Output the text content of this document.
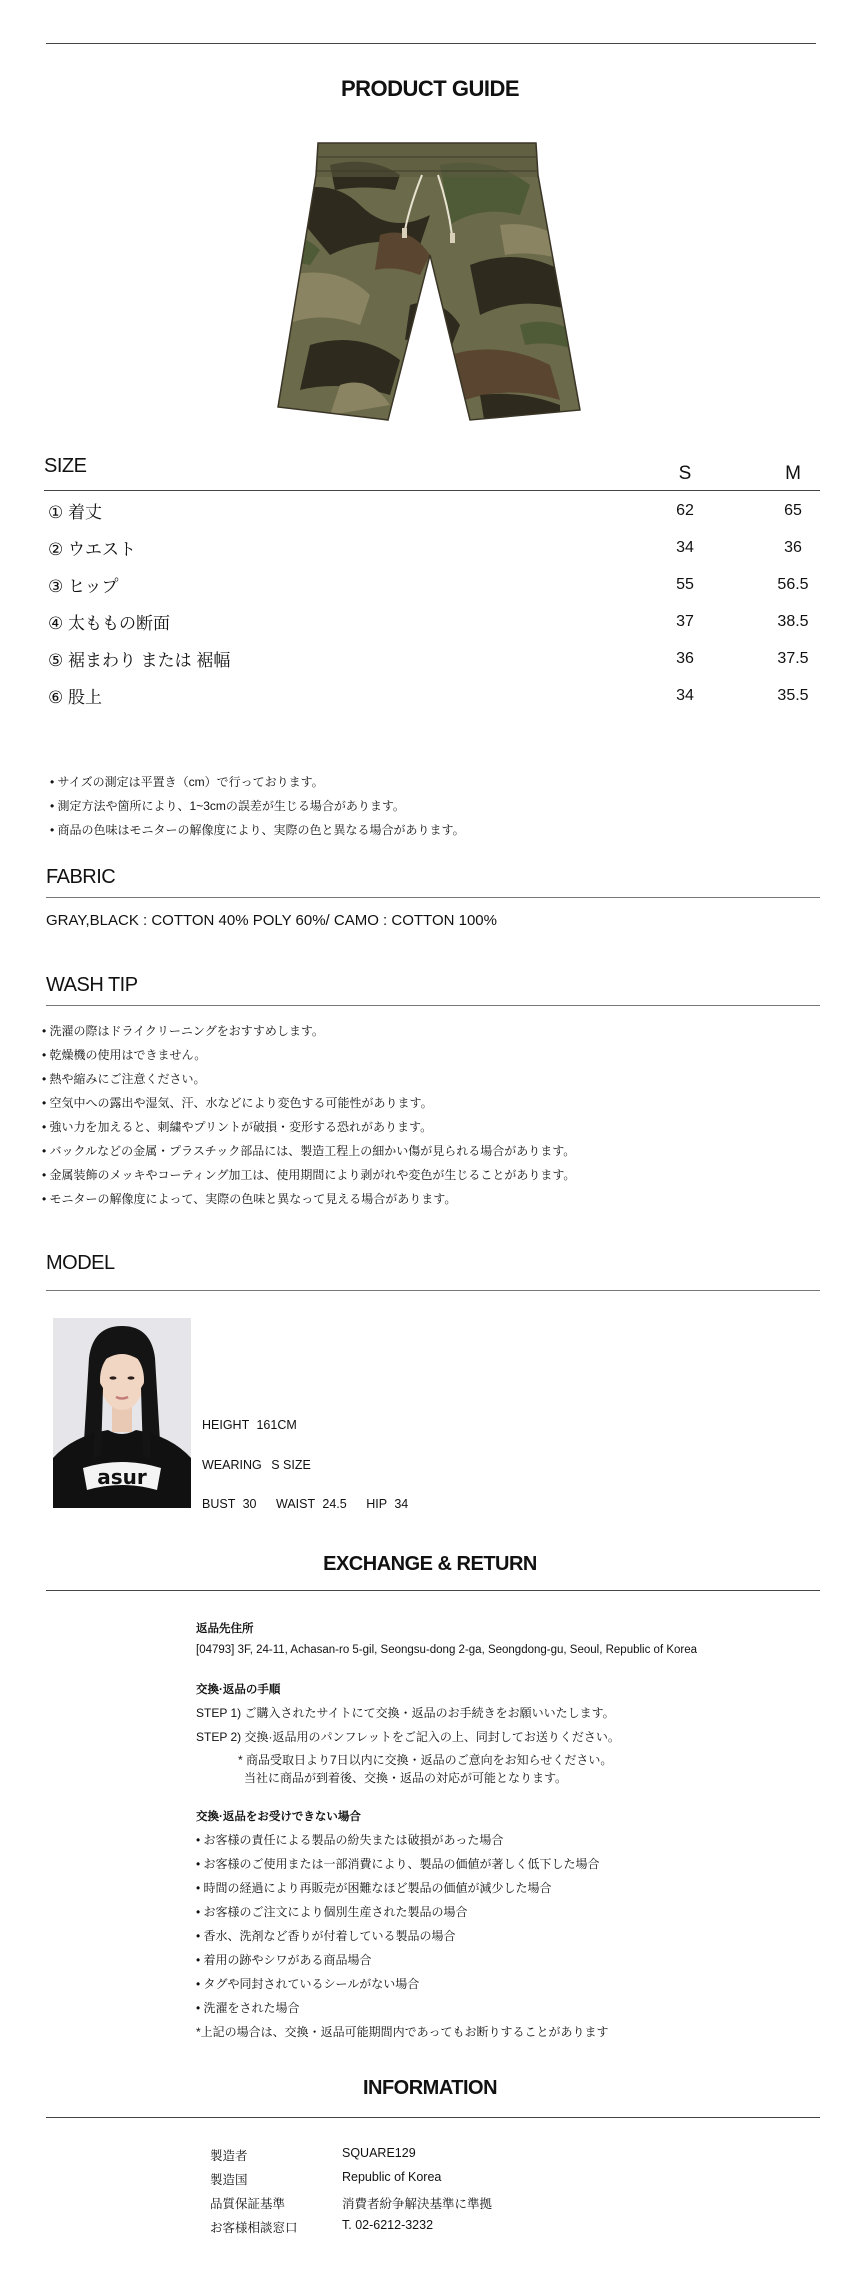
PRODUCT GUIDE
SIZE	S	M
① 着丈	62	65
② ウエスト	34	36
③ ヒップ	55	56.5
④ 太ももの断面	37	38.5
⑤ 裾まわり または 裾幅	36	37.5
⑥ 股上	34	35.5
• サイズの測定は平置き（cm）で行っております。
• 測定方法や箇所により、1~3cmの誤差が生じる場合があります。
• 商品の色味はモニターの解像度により、実際の色と異なる場合があります。
FABRIC
GRAY,BLACK : COTTON 40% POLY 60%/ CAMO : COTTON 100%
WASH TIP
• 洗濯の際はドライクリーニングをおすすめします。
• 乾燥機の使用はできません。
• 熱や縮みにご注意ください。
• 空気中への露出や湿気、汗、水などにより変色する可能性があります。
• 強い力を加えると、刺繍やプリントが破損・変形する恐れがあります。
• バックルなどの金属・プラスチック部品には、製造工程上の細かい傷が見られる場合があります。
• 金属装飾のメッキやコーティング加工は、使用期間により剥がれや変色が生じることがあります。
• モニターの解像度によって、実際の色味と異なって見える場合があります。
MODEL
asur
HEIGHT 161CM
WEARING S SIZE
BUST 30 WAIST 24.5 HIP 34
EXCHANGE & RETURN
返品先住所
[04793] 3F, 24-11, Achasan-ro 5-gil, Seongsu-dong 2-ga, Seongdong-gu, Seoul, Republic of Korea
交換·返品の手順
STEP 1) ご購入されたサイトにて交換・返品のお手続きをお願いいたします。
STEP 2) 交換·返品用のパンフレットをご記入の上、同封してお送りください。
* 商品受取日より7日以内に交換・返品のご意向をお知らせください。
当社に商品が到着後、交換・返品の対応が可能となります。
交換·返品をお受けできない場合
• お客様の責任による製品の紛失または破損があった場合
• お客様のご使用または一部消費により、製品の価値が著しく低下した場合
• 時間の経過により再販売が困難なほど製品の価値が減少した場合
• お客様のご注文により個別生産された製品の場合
• 香水、洗剤など香りが付着している製品の場合
• 着用の跡やシワがある商品場合
• タグや同封されているシールがない場合
• 洗濯をされた場合
*上記の場合は、交換・返品可能期間内であってもお断りすることがあります
INFORMATION
製造者	SQUARE129
製造国	Republic of Korea
品質保証基準	消費者紛争解決基準に準拠
お客様相談窓口	T. 02-6212-3232
